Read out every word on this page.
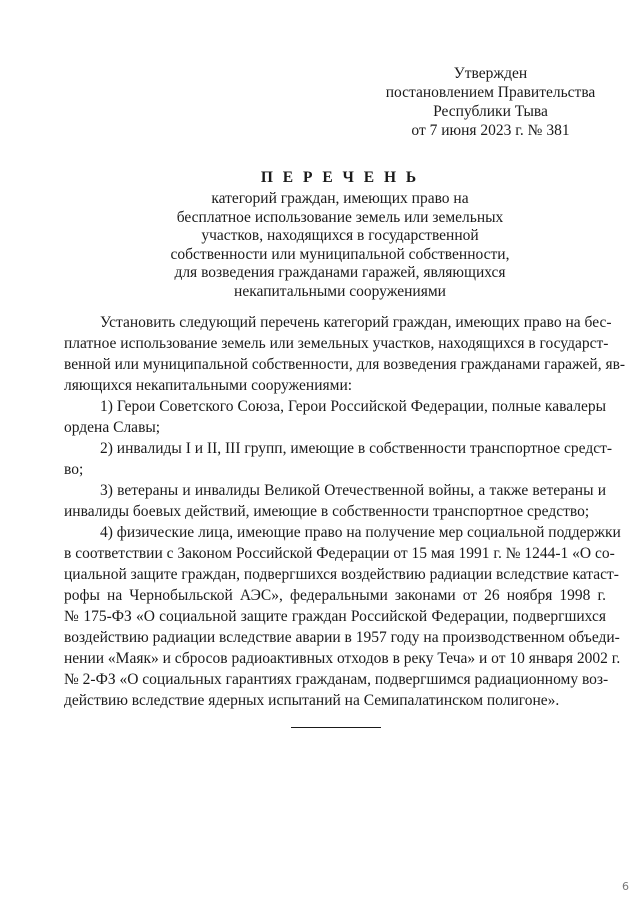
Утвержден
постановлением Правительства
Республики Тыва
от 7 июня 2023 г. № 381
П Е Р Е Ч Е Н Ь
категорий граждан, имеющих право на
бесплатное использование земель или земельных
участков, находящихся в государственной
собственности или муниципальной собственности,
для возведения гражданами гаражей, являющихся
некапитальными сооружениями
Установить следующий перечень категорий граждан, имеющих право на бес-
платное использование земель или земельных участков, находящихся в государст-
венной или муниципальной собственности, для возведения гражданами гаражей, яв-
ляющихся некапитальными сооружениями:
1) Герои Советского Союза, Герои Российской Федерации, полные кавалеры
ордена Славы;
2) инвалиды I и II, III групп, имеющие в собственности транспортное средст-
во;
3) ветераны и инвалиды Великой Отечественной войны, а также ветераны и
инвалиды боевых действий, имеющие в собственности транспортное средство;
4) физические лица, имеющие право на получение мер социальной поддержки
в соответствии с Законом Российской Федерации от 15 мая 1991 г. № 1244-1 «О со-
циальной защите граждан, подвергшихся воздействию радиации вследствие катаст-
рофы на Чернобыльской АЭС», федеральными законами от 26 ноября 1998 г.
№ 175-ФЗ «О социальной защите граждан Российской Федерации, подвергшихся
воздействию радиации вследствие аварии в 1957 году на производственном объеди-
нении «Маяк» и сбросов радиоактивных отходов в реку Теча» и от 10 января 2002 г.
№ 2-ФЗ «О социальных гарантиях гражданам, подвергшимся радиационному воз-
действию вследствие ядерных испытаний на Семипалатинском полигоне».
6
